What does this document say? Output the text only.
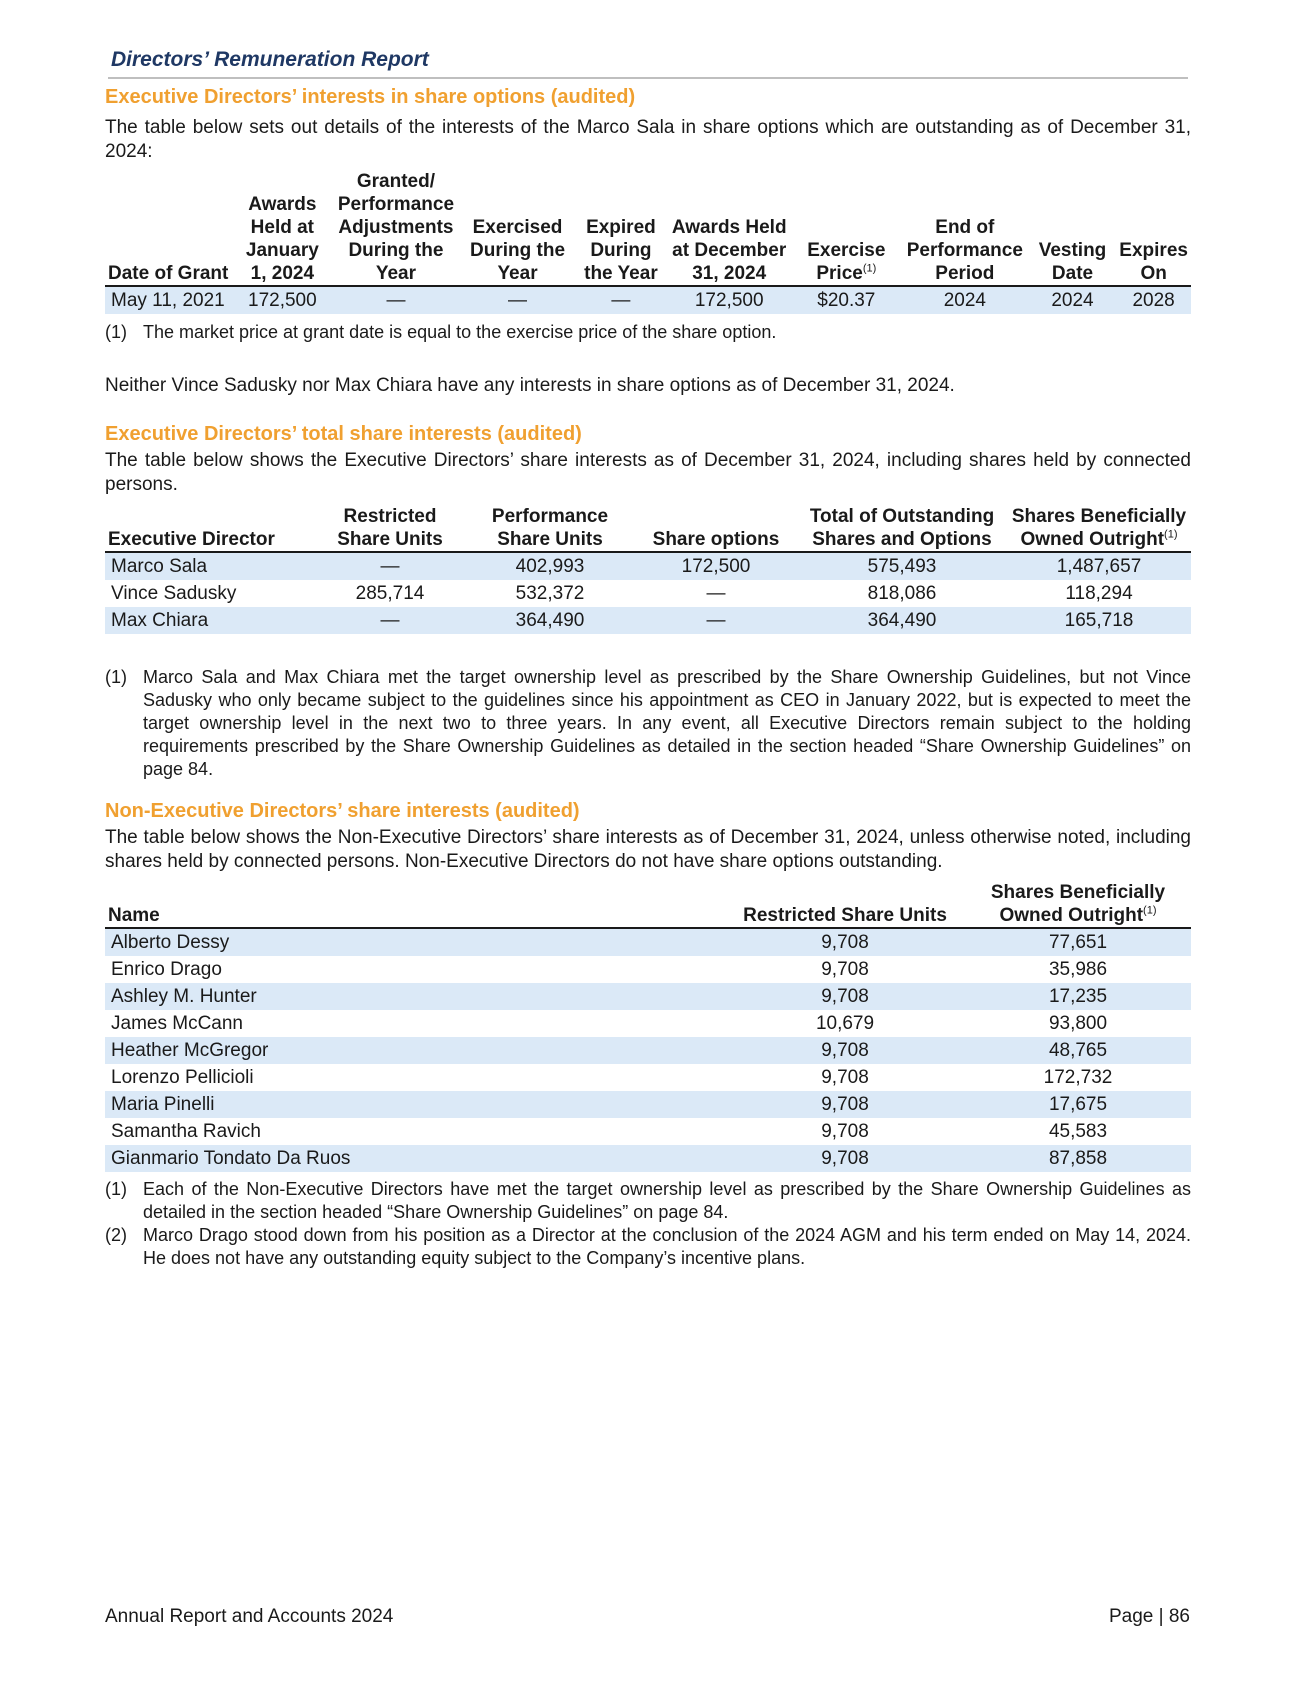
Directors’ Remuneration Report
Executive Directors’ interests in share options (audited)
The table below sets out details of the interests of the Marco Sala in share options which are outstanding as of December 31, 2024:
Date of Grant	Awards Held at January 1, 2024	Granted/ Performance Adjustments During the Year	Exercised During the Year	Expired During the Year	Awards Held at December 31, 2024	Exercise Price$^{(1)}$	End of Performance Period	Vesting Date	Expires On
May 11, 2021	172,500	—	—	—	172,500	$20.37	2024	2024	2028
(1) The market price at grant date is equal to the exercise price of the share option.
Neither Vince Sadusky nor Max Chiara have any interests in share options as of December 31, 2024.
Executive Directors’ total share interests (audited)
The table below shows the Executive Directors’ share interests as of December 31, 2024, including shares held by connected persons.
Executive Director	Restricted Share Units	Performance Share Units	Share options	Total of Outstanding Shares and Options	Shares Beneficially Owned Outright$^{(1)}$
Marco Sala	—	402,993	172,500	575,493	1,487,657
Vince Sadusky	285,714	532,372	—	818,086	118,294
Max Chiara	—	364,490	—	364,490	165,718
(1) Marco Sala and Max Chiara met the target ownership level as prescribed by the Share Ownership Guidelines, but not Vince Sadusky who only became subject to the guidelines since his appointment as CEO in January 2022, but is expected to meet the target ownership level in the next two to three years. In any event, all Executive Directors remain subject to the holding requirements prescribed by the Share Ownership Guidelines as detailed in the section headed “Share Ownership Guidelines” on page 84.
Non-Executive Directors’ share interests (audited)
The table below shows the Non-Executive Directors’ share interests as of December 31, 2024, unless otherwise noted, including shares held by connected persons. Non-Executive Directors do not have share options outstanding.
Name	Restricted Share Units	Shares Beneficially Owned Outright$^{(1)}$
Alberto Dessy	9,708	77,651
Enrico Drago	9,708	35,986
Ashley M. Hunter	9,708	17,235
James McCann	10,679	93,800
Heather McGregor	9,708	48,765
Lorenzo Pellicioli	9,708	172,732
Maria Pinelli	9,708	17,675
Samantha Ravich	9,708	45,583
Gianmario Tondato Da Ruos	9,708	87,858
(1) Each of the Non-Executive Directors have met the target ownership level as prescribed by the Share Ownership Guidelines as detailed in the section headed “Share Ownership Guidelines” on page 84.
(2) Marco Drago stood down from his position as a Director at the conclusion of the 2024 AGM and his term ended on May 14, 2024. He does not have any outstanding equity subject to the Company’s incentive plans.
Annual Report and Accounts 2024	Page | 86
